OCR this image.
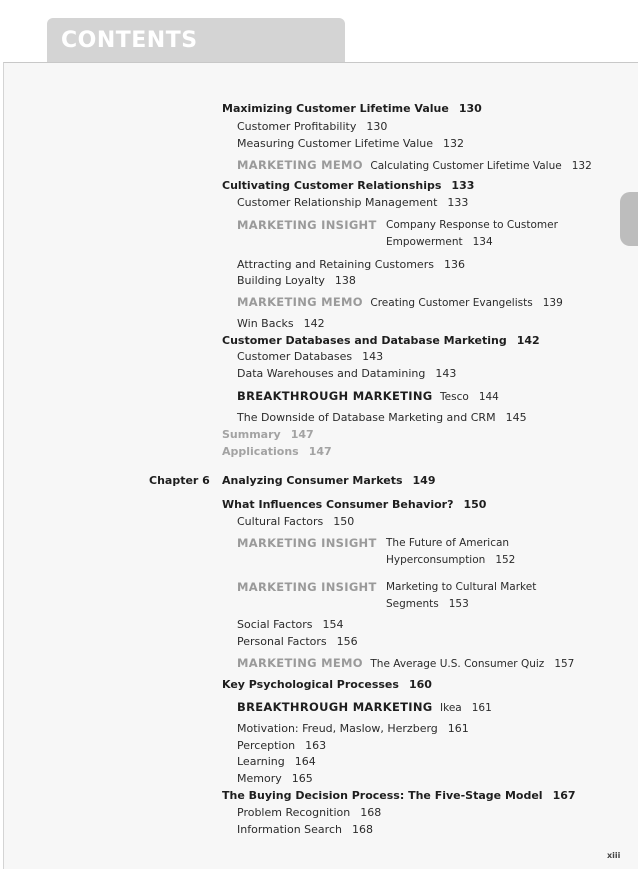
CONTENTS
Maximizing Customer Lifetime Value 130
Customer Profitability 130
Measuring Customer Lifetime Value 132
MARKETING MEMO Calculating Customer Lifetime Value 132
Cultivating Customer Relationships 133
Customer Relationship Management 133
MARKETING INSIGHT Company Response to Customer
Empowerment 134
Attracting and Retaining Customers 136
Building Loyalty 138
MARKETING MEMO Creating Customer Evangelists 139
Win Backs 142
Customer Databases and Database Marketing 142
Customer Databases 143
Data Warehouses and Datamining 143
BREAKTHROUGH MARKETING Tesco 144
The Downside of Database Marketing and CRM 145
Summary 147
Applications 147
Chapter 6 Analyzing Consumer Markets 149
What Influences Consumer Behavior? 150
Cultural Factors 150
MARKETING INSIGHT The Future of American
Hyperconsumption 152
MARKETING INSIGHT Marketing to Cultural Market
Segments 153
Social Factors 154
Personal Factors 156
MARKETING MEMO The Average U.S. Consumer Quiz 157
Key Psychological Processes 160
BREAKTHROUGH MARKETING Ikea 161
Motivation: Freud, Maslow, Herzberg 161
Perception 163
Learning 164
Memory 165
The Buying Decision Process: The Five-Stage Model 167
Problem Recognition 168
Information Search 168
xiii
